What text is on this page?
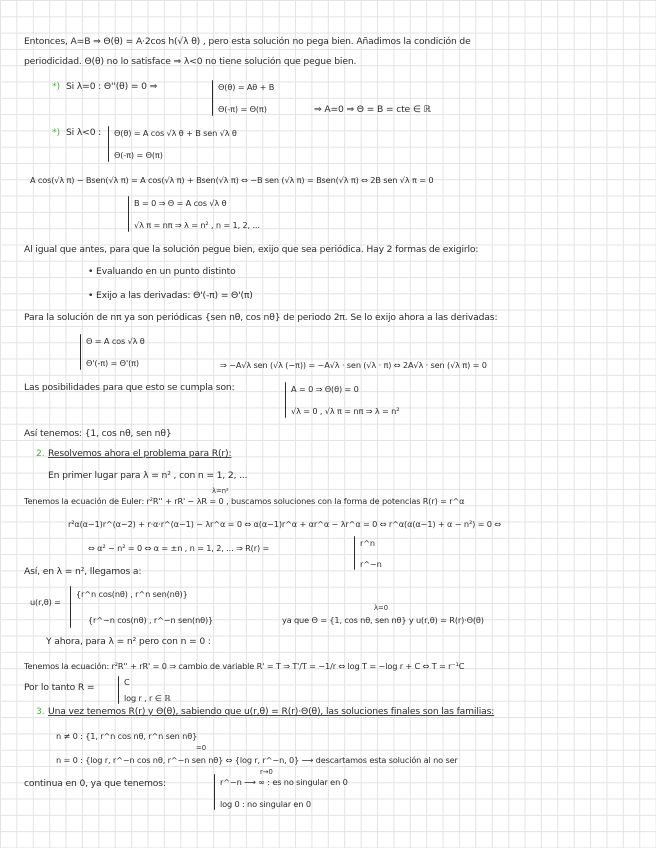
Entonces, A=B ⇒ Θ(θ) = A·2cos h(√λ θ) , pero esta solución no pega bien. Añadimos la condición de
periodicidad. Θ(θ) no lo satisface ⇒ λ<0 no tiene solución que pegue bien.
*) Si λ=0 : Θ''(θ) = 0 ⇒	Θ(θ) = Aθ + B
Θ(-π) = Θ(π)	⇒ A=0 ⇒ Θ = B = cte ∈ ℝ
*) Si λ<0 : Θ(θ) = A cos √λ θ + B sen √λ θ
Θ(-π) = Θ(π)
A cos(√λ π) − Bsen(√λ π) = A cos(√λ π) + Bsen(√λ π) ⇔ −B sen (√λ π) = Bsen(√λ π) ⇔ 2B sen √λ π = 0
B = 0 ⇒ Θ = A cos √λ θ
√λ π = nπ ⇒ λ = n² , n = 1, 2, ...
Al igual que antes, para que la solución pegue bien, exijo que sea periódica. Hay 2 formas de exigirlo:
• Evaluando en un punto distinto
• Exijo a las derivadas: Θ'(-π) = Θ'(π)
Para la solución de nπ ya son periódicas {sen nθ, cos nθ} de periodo 2π. Se lo exijo ahora a las derivadas:
Θ = A cos √λ θ
Θ'(-π) = Θ'(π)	⇒ −A√λ sen (√λ (−π)) = −A√λ · sen (√λ · π) ⇔ 2A√λ · sen (√λ π) = 0
Las posibilidades para que esto se cumpla son:	A = 0 ⇒ Θ(θ) = 0
√λ = 0 , √λ π = nπ ⇒ λ = n²
Así tenemos: {1, cos nθ, sen nθ}
2. Resolvemos ahora el problema para R(r):
En primer lugar para λ = n² , con n = 1, 2, ...
λ=n²
Tenemos la ecuación de Euler: r²R'' + rR' − λR = 0 , buscamos soluciones con la forma de potencias R(r) = r^α
r²α(α−1)r^(α−2) + r·α·r^(α−1) − λr^α = 0 ⇔ α(α−1)r^α + αr^α − λr^α = 0 ⇔ r^α(α(α−1) + α − n²) = 0 ⇔
⇔ α² − n² = 0 ⇔ α = ±n , n = 1, 2, ... ⇒ R(r) =	r^n
r^−n
Así, en λ = n², llegamos a:
u(r,θ) =
{r^n cos(nθ) , r^n sen(nθ)}
{r^−n cos(nθ) , r^−n sen(nθ)}
λ=0
ya que Θ = {1, cos nθ, sen nθ} y u(r,θ) = R(r)·Θ(θ)
Y ahora, para λ = n² pero con n = 0 :
Tenemos la ecuación: r²R'' + rR' = 0 ⇒ cambio de variable R' = T ⇒ T'/T = −1/r ⇔ log T = −log r + C ⇔ T = r⁻¹C
Por lo tanto R =	C
log r , r ∈ ℝ
3. Una vez tenemos R(r) y Θ(θ), sabiendo que u(r,θ) = R(r)·Θ(θ), las soluciones finales son las familias:
n ≠ 0 : {1, r^n cos nθ, r^n sen nθ}
=0
n = 0 : {log r, r^−n cos nθ, r^−n sen nθ} ⇔ {log r, r^−n, 0} ⟶ descartamos esta solución al no ser
continua en 0, ya que tenemos:
r→0
r^−n ⟶ ∞ : es no singular en 0
log 0 : no singular en 0
